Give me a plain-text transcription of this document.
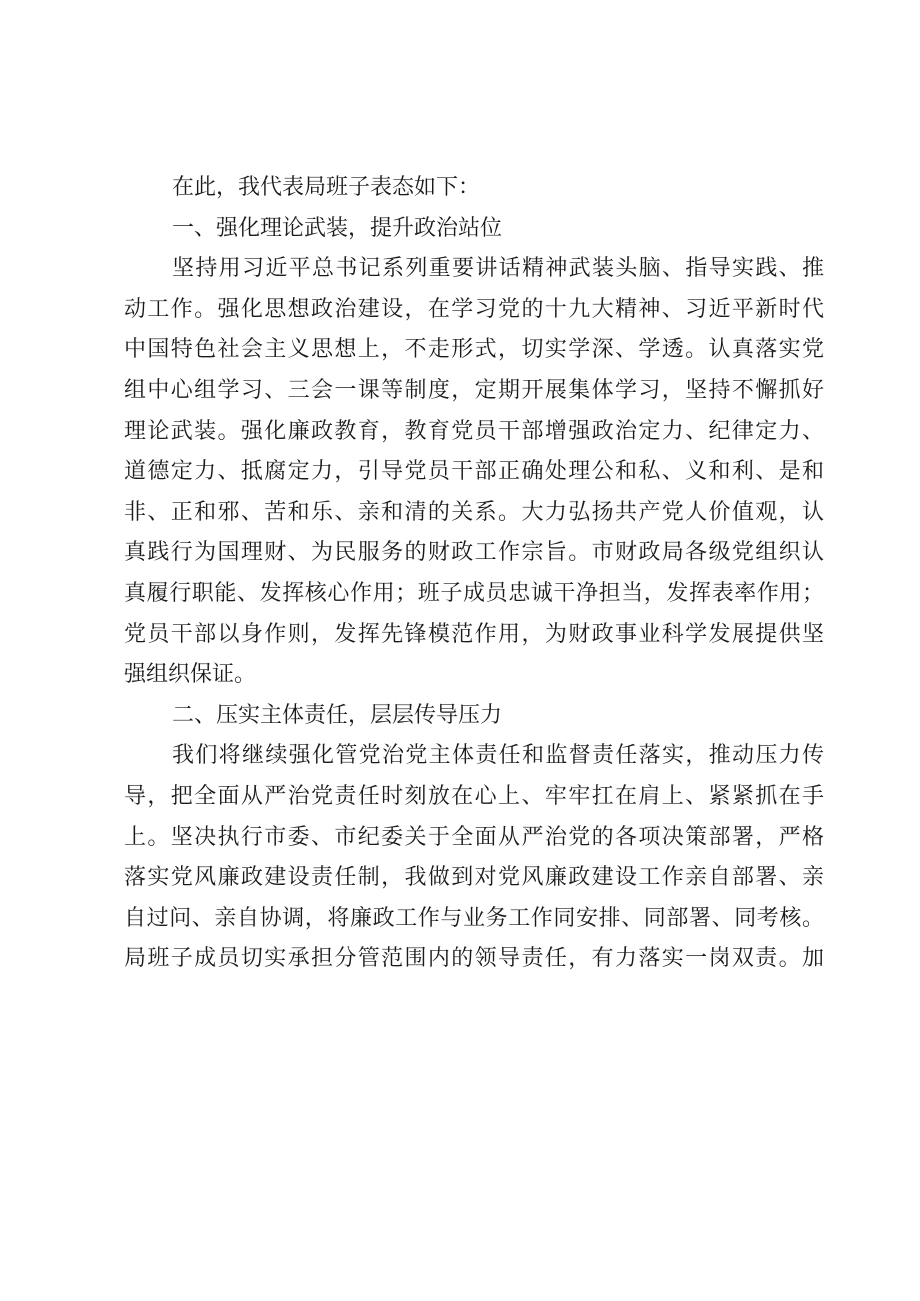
在此，我代表局班子表态如下：
一、强化理论武装，提升政治站位
坚持用习近平总书记系列重要讲话精神武装头脑、指导实践、推
动工作。强化思想政治建设，在学习党的十九大精神、习近平新时代
中国特色社会主义思想上，不走形式，切实学深、学透。认真落实党
组中心组学习、三会一课等制度，定期开展集体学习，坚持不懈抓好
理论武装。强化廉政教育，教育党员干部增强政治定力、纪律定力、
道德定力、抵腐定力，引导党员干部正确处理公和私、义和利、是和
非、正和邪、苦和乐、亲和清的关系。大力弘扬共产党人价值观，认
真践行为国理财、为民服务的财政工作宗旨。市财政局各级党组织认
真履行职能、发挥核心作用；班子成员忠诚干净担当，发挥表率作用；
党员干部以身作则，发挥先锋模范作用，为财政事业科学发展提供坚
强组织保证。
二、压实主体责任，层层传导压力
我们将继续强化管党治党主体责任和监督责任落实，推动压力传
导，把全面从严治党责任时刻放在心上、牢牢扛在肩上、紧紧抓在手
上。坚决执行市委、市纪委关于全面从严治党的各项决策部署，严格
落实党风廉政建设责任制，我做到对党风廉政建设工作亲自部署、亲
自过问、亲自协调，将廉政工作与业务工作同安排、同部署、同考核。
局班子成员切实承担分管范围内的领导责任，有力落实一岗双责。加
